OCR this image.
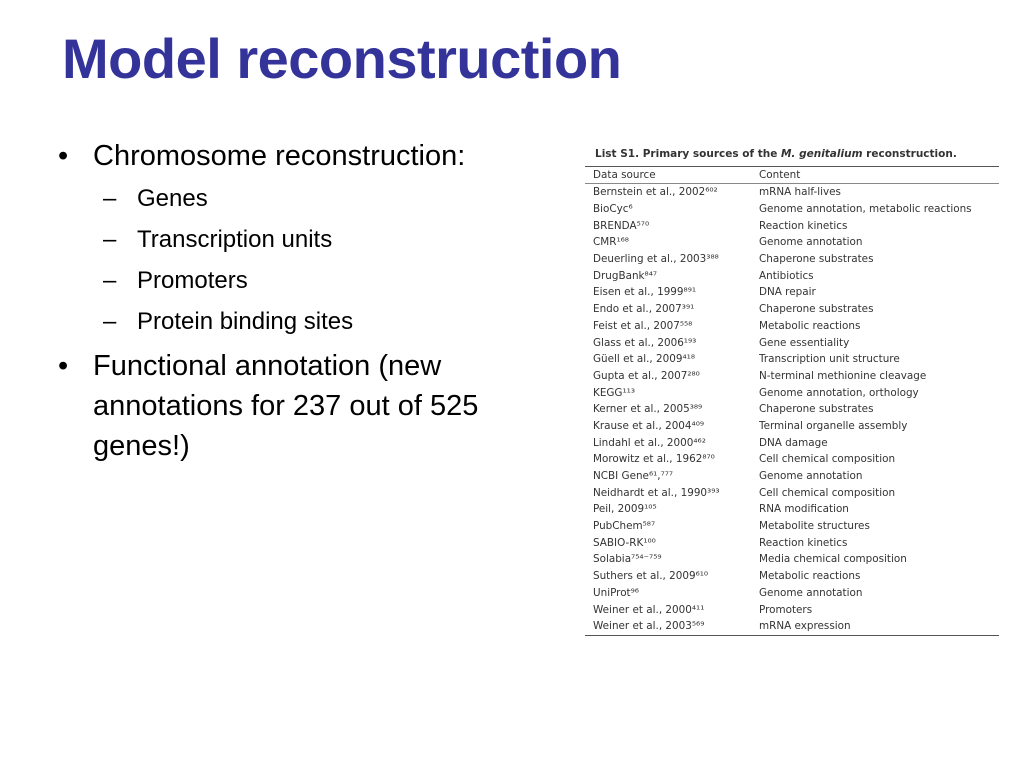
Model reconstruction
• Chromosome reconstruction:
– Genes
– Transcription units
– Promoters
– Protein binding sites
• Functional annotation (new annotations for 237 out of 525 genes!)
List S1. Primary sources of the M. genitalium reconstruction.
Data source	Content
Bernstein et al., 2002⁶⁰²	mRNA half-lives
BioCyc⁶	Genome annotation, metabolic reactions
BRENDA⁵⁷⁰	Reaction kinetics
CMR¹⁶⁸	Genome annotation
Deuerling et al., 2003³⁸⁸	Chaperone substrates
DrugBank⁸⁴⁷	Antibiotics
Eisen et al., 1999⁸⁹¹	DNA repair
Endo et al., 2007³⁹¹	Chaperone substrates
Feist et al., 2007⁵⁵⁸	Metabolic reactions
Glass et al., 2006¹⁹³	Gene essentiality
Güell et al., 2009⁴¹⁸	Transcription unit structure
Gupta et al., 2007²⁸⁰	N-terminal methionine cleavage
KEGG¹¹³	Genome annotation, orthology
Kerner et al., 2005³⁸⁹	Chaperone substrates
Krause et al., 2004⁴⁰⁹	Terminal organelle assembly
Lindahl et al., 2000⁴⁶²	DNA damage
Morowitz et al., 1962⁸⁷⁰	Cell chemical composition
NCBI Gene⁶¹,⁷⁷⁷	Genome annotation
Neidhardt et al., 1990³⁹³	Cell chemical composition
Peil, 2009¹⁰⁵	RNA modification
PubChem⁵⁸⁷	Metabolite structures
SABIO-RK¹⁰⁰	Reaction kinetics
Solabia⁷⁵⁴⁻⁷⁵⁹	Media chemical composition
Suthers et al., 2009⁶¹⁰	Metabolic reactions
UniProt⁹⁶	Genome annotation
Weiner et al., 2000⁴¹¹	Promoters
Weiner et al., 2003⁵⁶⁹	mRNA expression
